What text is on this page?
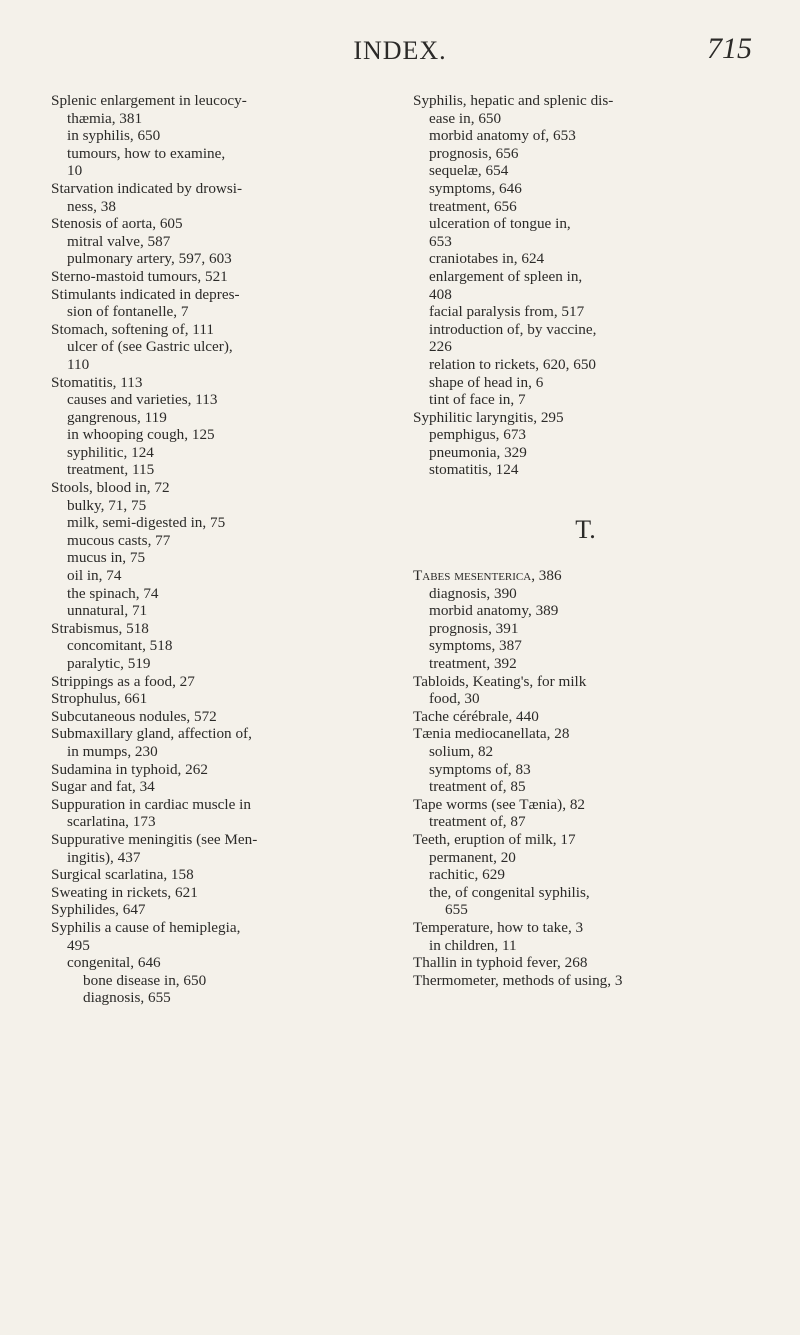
INDEX.	715
Splenic enlargement in leucocy-
thæmia, 381
in syphilis, 650
tumours, how to examine,
10
Starvation indicated by drowsi-
ness, 38
Stenosis of aorta, 605
mitral valve, 587
pulmonary artery, 597, 603
Sterno-mastoid tumours, 521
Stimulants indicated in depres-
sion of fontanelle, 7
Stomach, softening of, 111
ulcer of (see Gastric ulcer),
110
Stomatitis, 113
causes and varieties, 113
gangrenous, 119
in whooping cough, 125
syphilitic, 124
treatment, 115
Stools, blood in, 72
bulky, 71, 75
milk, semi-digested in, 75
mucous casts, 77
mucus in, 75
oil in, 74
the spinach, 74
unnatural, 71
Strabismus, 518
concomitant, 518
paralytic, 519
Strippings as a food, 27
Strophulus, 661
Subcutaneous nodules, 572
Submaxillary gland, affection of,
in mumps, 230
Sudamina in typhoid, 262
Sugar and fat, 34
Suppuration in cardiac muscle in
scarlatina, 173
Suppurative meningitis (see Men-
ingitis), 437
Surgical scarlatina, 158
Sweating in rickets, 621
Syphilides, 647
Syphilis a cause of hemiplegia,
495
congenital, 646
bone disease in, 650
diagnosis, 655
Syphilis, hepatic and splenic dis-
ease in, 650
morbid anatomy of, 653
prognosis, 656
sequelæ, 654
symptoms, 646
treatment, 656
ulceration of tongue in,
653
craniotabes in, 624
enlargement of spleen in,
408
facial paralysis from, 517
introduction of, by vaccine,
226
relation to rickets, 620, 650
shape of head in, 6
tint of face in, 7
Syphilitic laryngitis, 295
pemphigus, 673
pneumonia, 329
stomatitis, 124
T.
Tabes mesenterica, 386
diagnosis, 390
morbid anatomy, 389
prognosis, 391
symptoms, 387
treatment, 392
Tabloids, Keating's, for milk
food, 30
Tache cérébrale, 440
Tænia mediocanellata, 28
solium, 82
symptoms of, 83
treatment of, 85
Tape worms (see Tænia), 82
treatment of, 87
Teeth, eruption of milk, 17
permanent, 20
rachitic, 629
the, of congenital syphilis,
655
Temperature, how to take, 3
in children, 11
Thallin in typhoid fever, 268
Thermometer, methods of using, 3
